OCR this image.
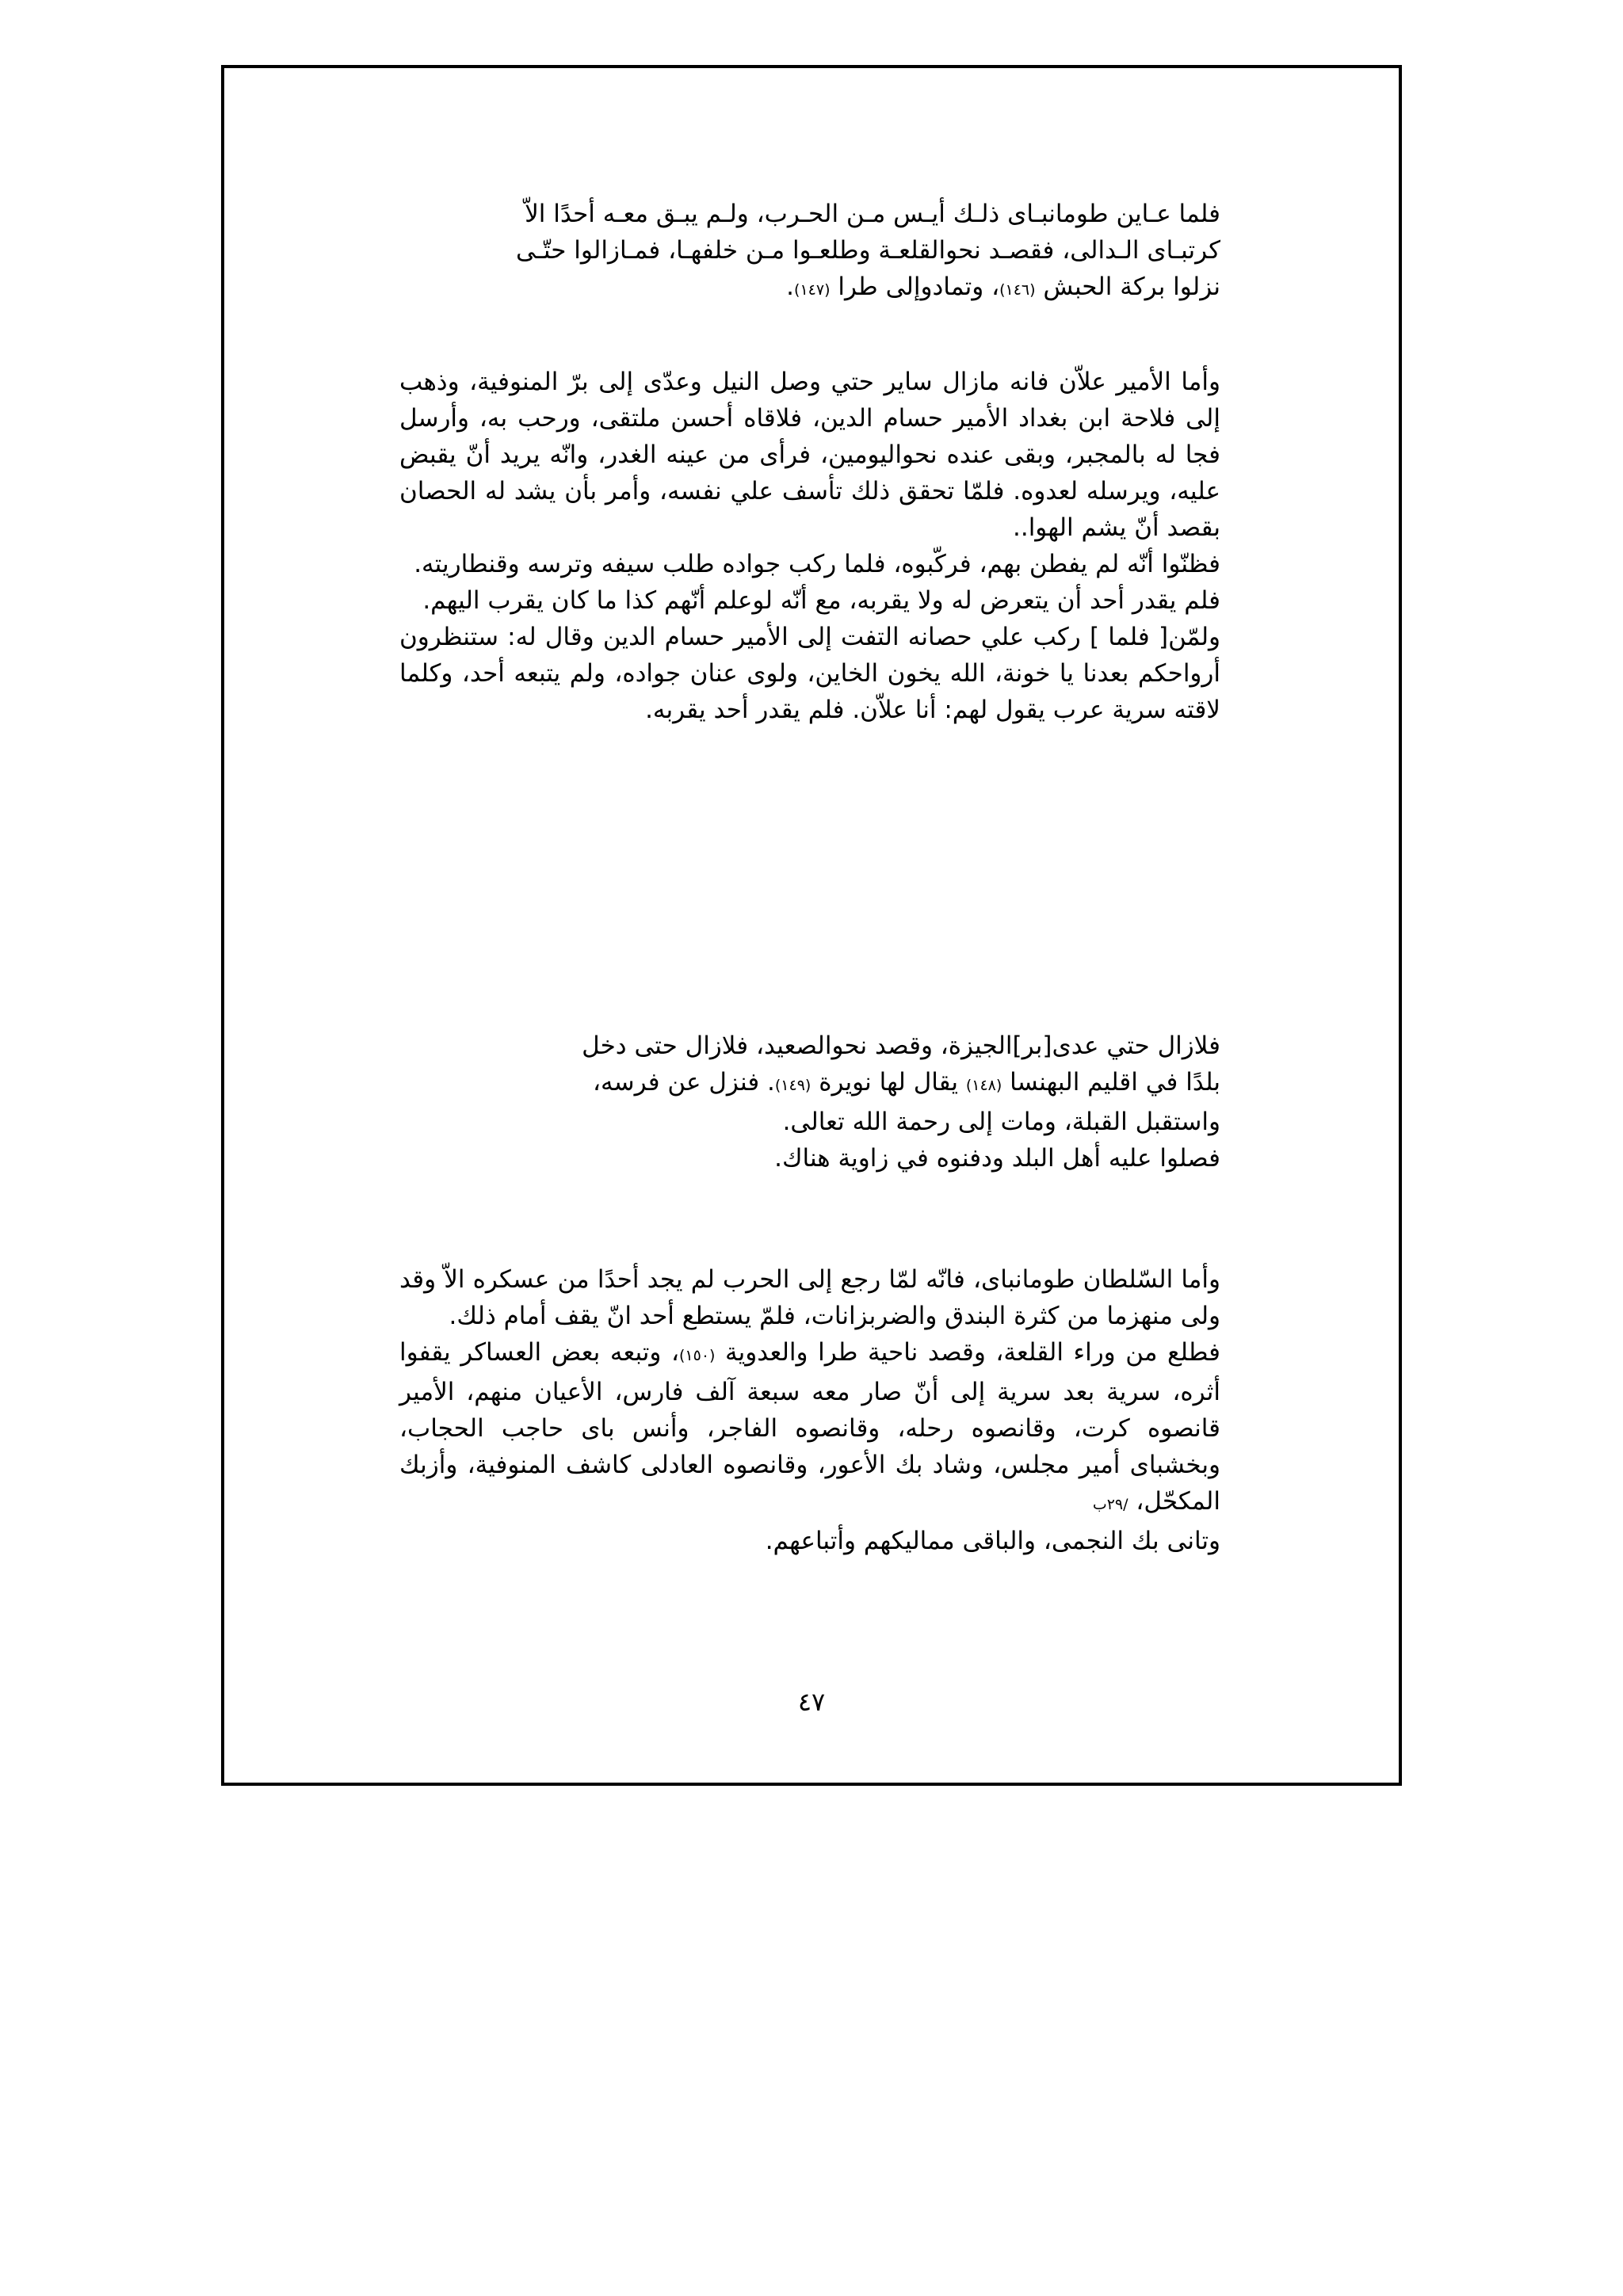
فلما عـاين طومانبـاى ذلـك أيـس مـن الحـرب، ولـم يبـق معـه أحدًا الاّ

كرتبـاى الـدالى، فقصـد نحوالقلعـة وطلعـوا مـن خلفهـا، فمـازالوا حتّـى

نزلوا بركة الحبش (١٤٦)، وتمادوإلى طرا (١٤٧).

وأما الأمير علاّن فانه مازال ساير حتي وصل النيل وعدّى إلى برّ المنوفية، وذهب إلى فلاحة ابن بغداد الأمير حسام الدين، فلاقاه أحسن ملتقى، ورحب به، وأرسل فجا له بالمجبر، وبقى عنده نحواليومين، فرأى من عينه الغدر، وانّه يريد أنّ يقبض عليه، ويرسله لعدوه. فلمّا تحقق ذلك تأسف علي نفسه، وأمر بأن يشد له الحصان بقصد أنّ يشم الهوا..

فظنّوا أنّه لم يفطن بهم، فركّبوه، فلما ركب جواده طلب سيفه وترسه وقنطاريته.

فلم يقدر أحد أن يتعرض له ولا يقربه، مع أنّه لوعلم أنّهم كذا ما كان يقرب اليهم.

ولمّن[ فلما ] ركب علي حصانه التفت إلى الأمير حسام الدين وقال له: ستنظرون أرواحكم بعدنا يا خونة، الله يخون الخاين، ولوى عنان جواده، ولم يتبعه أحد، وكلما لاقته سرية عرب يقول لهم: أنا علاّن. فلم يقدر أحد يقربه.

فلازال حتي عدى[بر]الجيزة، وقصد نحوالصعيد، فلازال حتى دخل

بلدًا في اقليم البهنسا (١٤٨) يقال لها نويرة (١٤٩). فنزل عن فرسه،

واستقبل القبلة، ومات إلى رحمة الله تعالى.

فصلوا عليه أهل البلد ودفنوه في زاوية هناك.

وأما السّلطان طومانباى، فانّه لمّا رجع إلى الحرب لم يجد أحدًا من عسكره الاّ وقد ولى منهزما من كثرة البندق والضربزانات، فلمّ يستطع أحد انّ يقف أمام ذلك.

فطلع من وراء القلعة، وقصد ناحية طرا والعدوية (١٥٠)، وتبعه بعض العساكر يقفوا أثره، سرية بعد سرية إلى أنّ صار معه سبعة آلف فارس، الأعيان منهم، الأمير قانصوه كرت، وقانصوه رحله، وقانصوه الفاجر، وأنس باى حاجب الحجاب، وبخشباى أمير مجلس، وشاد بك الأعور، وقانصوه العادلى كاشف المنوفية، وأزبك المكحّل، /٢٩ب
وتانى بك النجمى، والباقى مماليكهم وأتباعهم.

٤٧
